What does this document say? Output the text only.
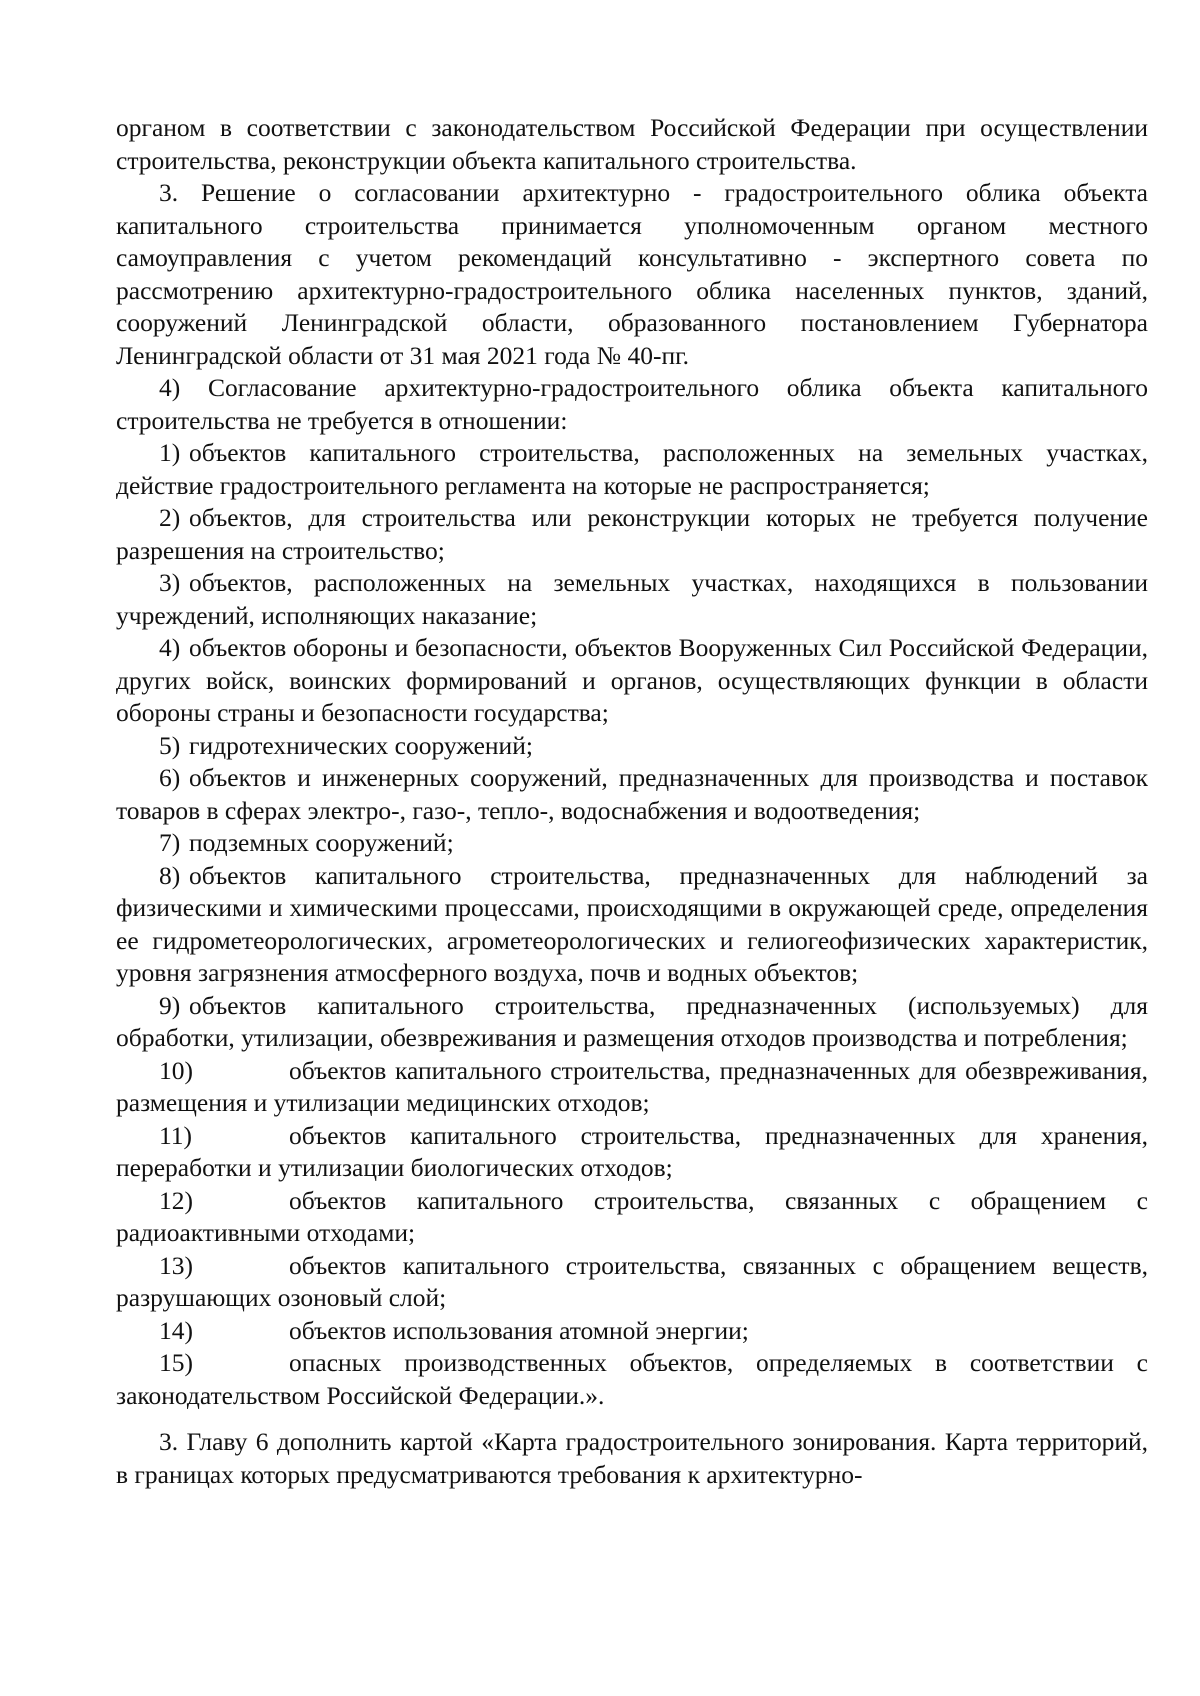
органом в соответствии с законодательством Российской Федерации при осуществлении строительства, реконструкции объекта капитального строительства.

3. Решение о согласовании архитектурно - градостроительного облика объекта капитального строительства принимается уполномоченным органом местного самоуправления с учетом рекомендаций консультативно - экспертного совета по рассмотрению архитектурно-градостроительного облика населенных пунктов, зданий, сооружений Ленинградской области, образованного постановлением Губернатора Ленинградской области от 31 мая 2021 года № 40-пг.

4) Согласование архитектурно-градостроительного облика объекта капитального строительства не требуется в отношении:

1) объектов капитального строительства, расположенных на земельных участках, действие градостроительного регламента на которые не распространяется;

2) объектов, для строительства или реконструкции которых не требуется получение разрешения на строительство;

3) объектов, расположенных на земельных участках, находящихся в пользовании учреждений, исполняющих наказание;

4) объектов обороны и безопасности, объектов Вооруженных Сил Российской Федерации, других войск, воинских формирований и органов, осуществляющих функции в области обороны страны и безопасности государства;

5) гидротехнических сооружений;

6) объектов и инженерных сооружений, предназначенных для производства и поставок товаров в сферах электро-, газо-, тепло-, водоснабжения и водоотведения;

7) подземных сооружений;

8) объектов капитального строительства, предназначенных для наблюдений за физическими и химическими процессами, происходящими в окружающей среде, определения ее гидрометеорологических, агрометеорологических и гелиогеофизических характеристик, уровня загрязнения атмосферного воздуха, почв и водных объектов;

9) объектов капитального строительства, предназначенных (используемых) для обработки, утилизации, обезвреживания и размещения отходов производства и потребления;

10)	объектов капитального строительства, предназначенных для обезвреживания, размещения и утилизации медицинских отходов;

11)	объектов капитального строительства, предназначенных для хранения, переработки и утилизации биологических отходов;

12)	объектов капитального строительства, связанных с обращением с радиоактивными отходами;

13)	объектов капитального строительства, связанных с обращением веществ, разрушающих озоновый слой;

14)	объектов использования атомной энергии;

15)	опасных производственных объектов, определяемых в соответствии с законодательством Российской Федерации.».

3. Главу 6 дополнить картой «Карта градостроительного зонирования. Карта территорий, в границах которых предусматриваются требования к архитектурно-
